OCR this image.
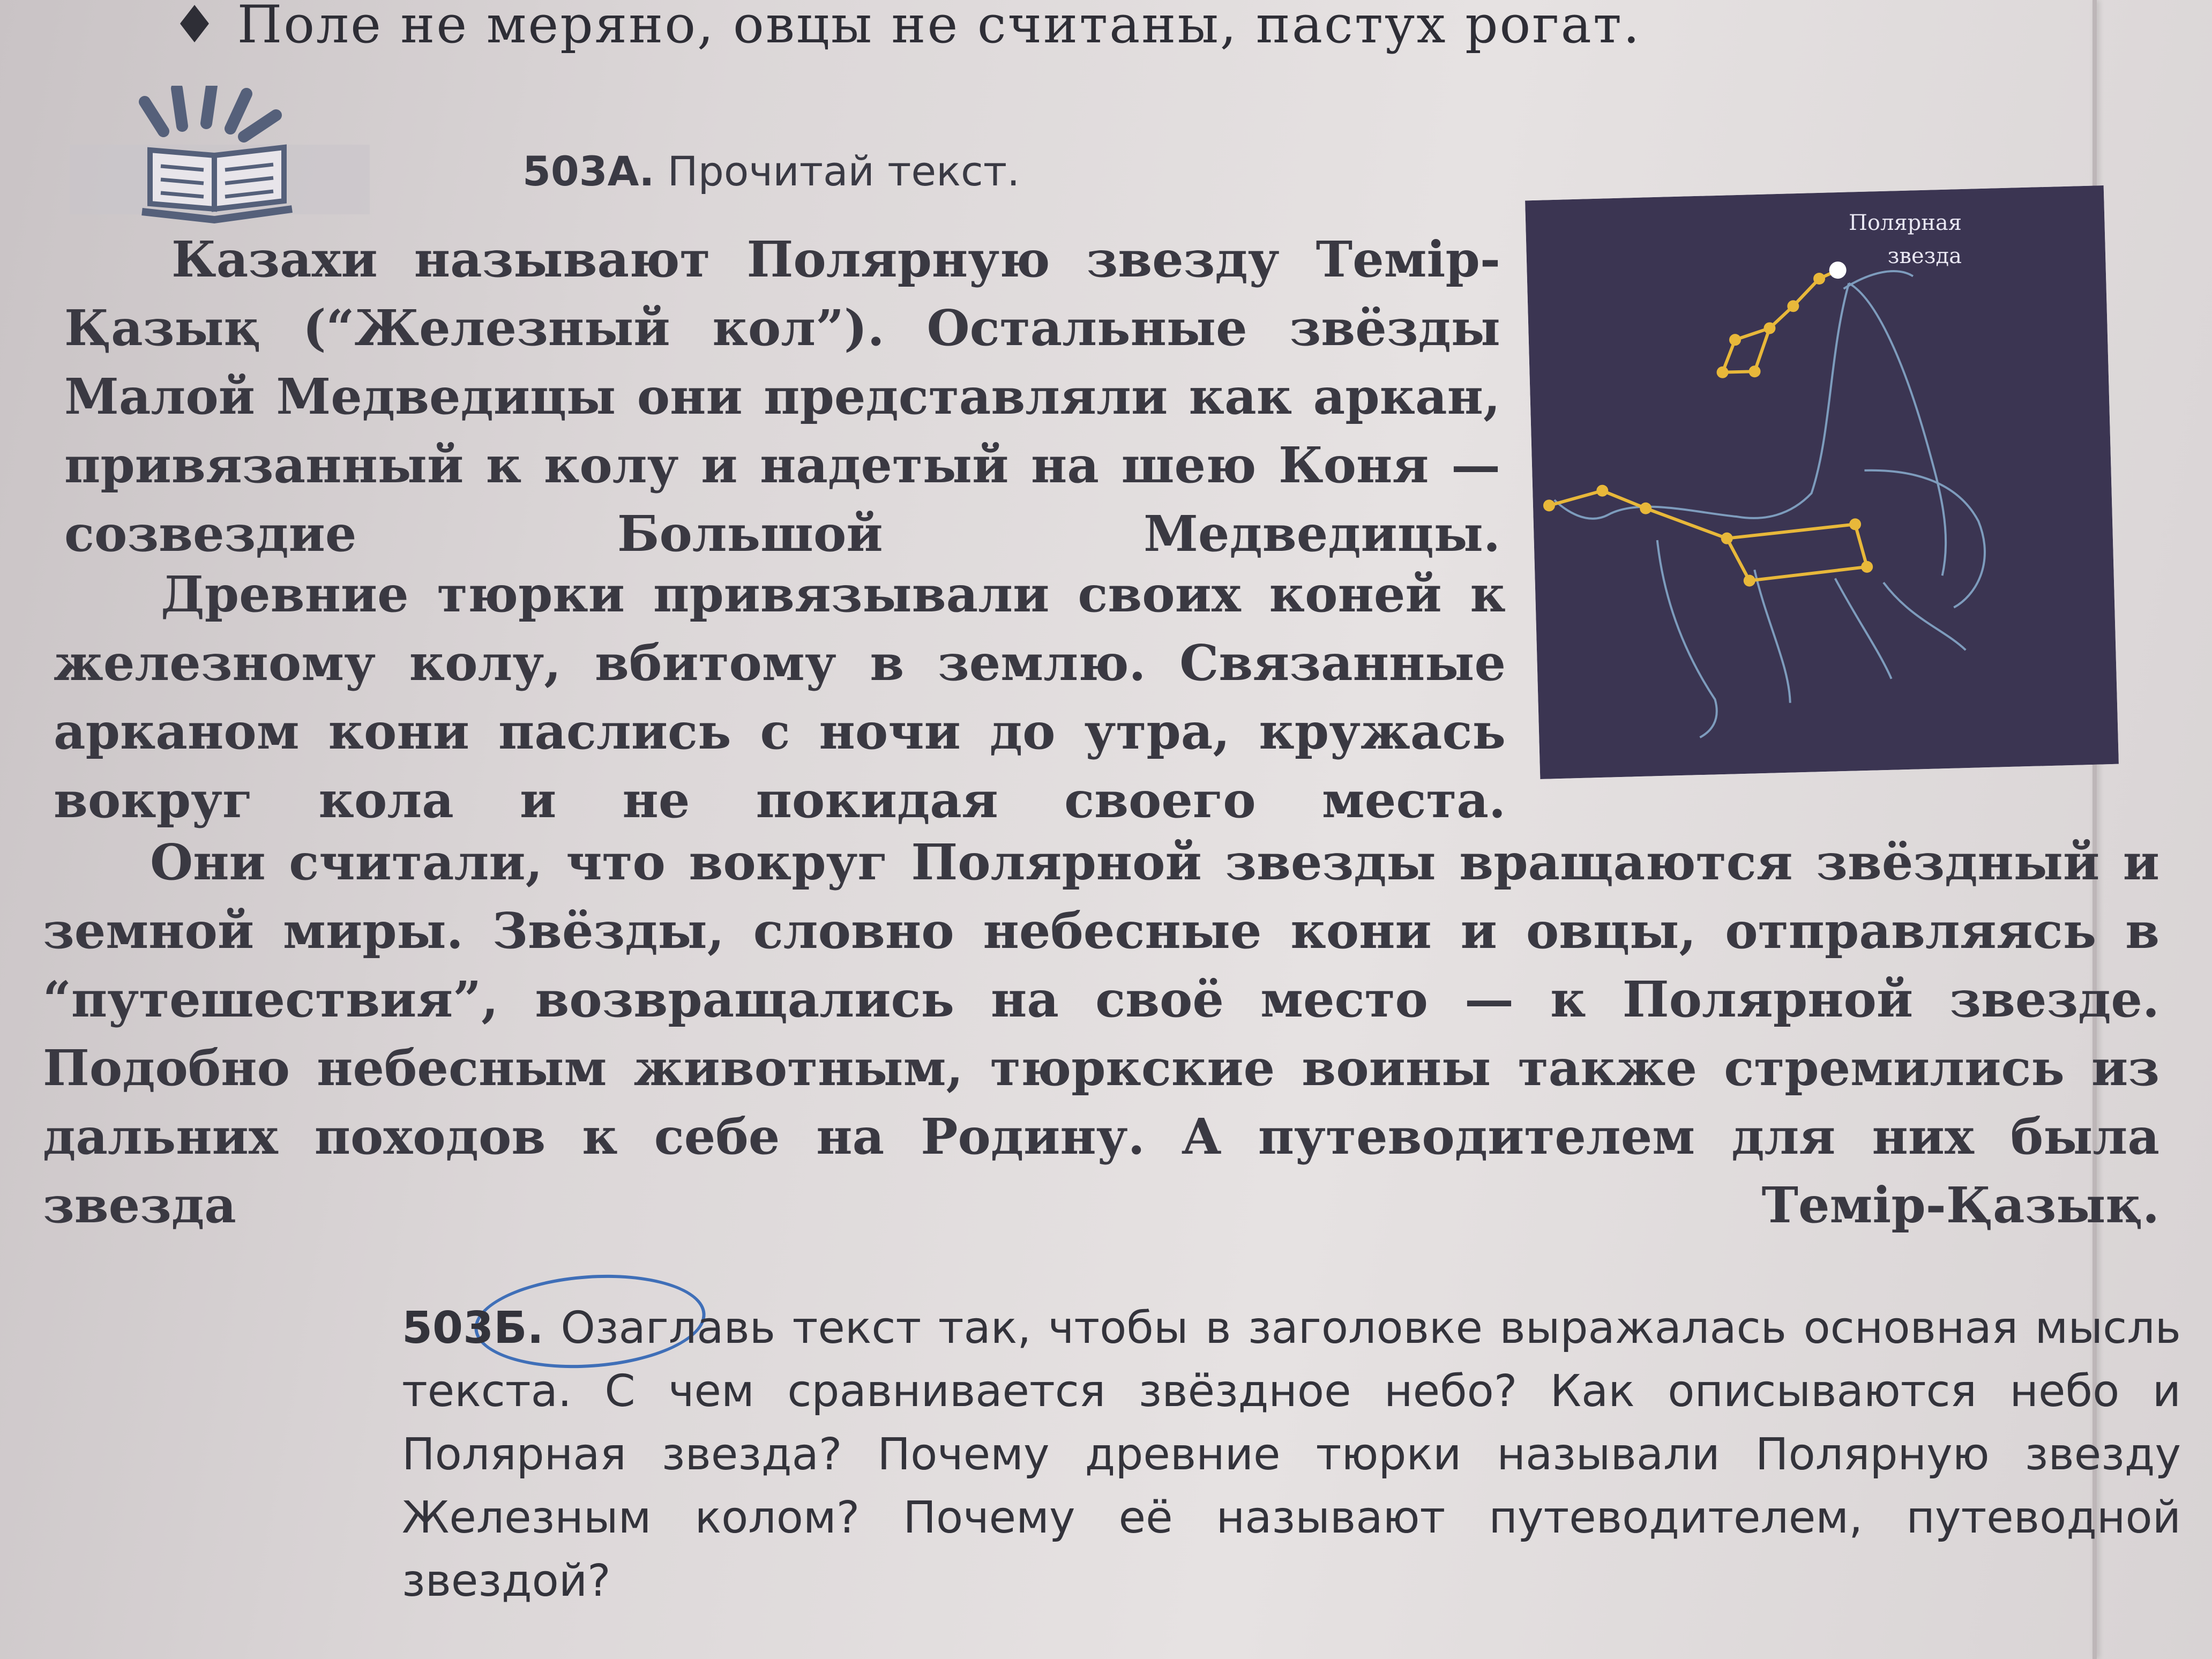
♦ Поле не меряно, овцы не считаны, пастух рогат.
503А. Прочитай текст.
Казахи называют Полярную звезду Темір-Қазық (“Железный кол”). Остальные звёзды Малой Медведицы они представляли как аркан, привязанный к колу и надетый на шею Коня — созвездие Большой Медведицы.
Древние тюрки привязывали своих коней к железному колу, вбитому в землю. Связанные арканом кони паслись с ночи до утра, кружась вокруг кола и не покидая своего места.
Они считали, что вокруг Полярной звезды вращаются звёздный и земной миры. Звёзды, словно небесные кони и овцы, отправляясь в “путешествия”, возвращались на своё место — к Полярной звезде. Подобно небесным животным, тюркские воины также стремились из дальних походов к себе на Родину. А путеводителем для них была звезда Темір-Қазық.
Полярная
звезда
503Б. Озаглавь текст так, чтобы в заголовке выражалась основная мысль текста. С чем сравнивается звёздное небо? Как описываются небо и Полярная звезда? Почему древние тюрки называли Полярную звезду Железным колом? Почему её называют путеводителем, путеводной звездой?
